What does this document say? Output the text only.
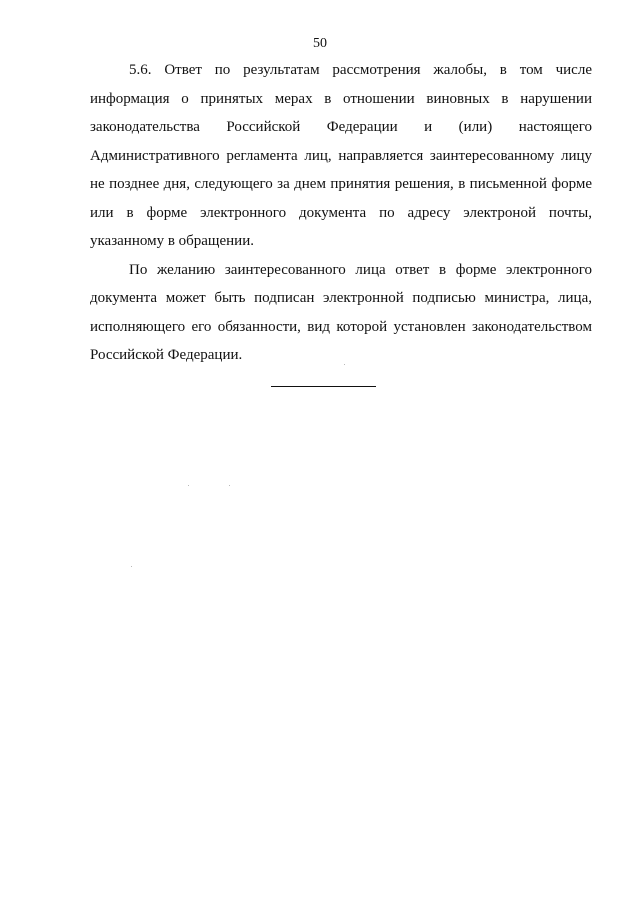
50

5.6. Ответ по результатам рассмотрения жалобы, в том числе информация о принятых мерах в отношении виновных в нарушении законодательства Российской Федерации и (или) настоящего Административного регламента лиц, направляется заинтересованному лицу не позднее дня, следующего за днем принятия решения, в письменной форме или в форме электронного документа по адресу электроной почты, указанному в обращении.

По желанию заинтересованного лица ответ в форме электронного документа может быть подписан электронной подписью министра, лица, исполняющего его обязанности, вид которой установлен законодательством Российской Федерации.
